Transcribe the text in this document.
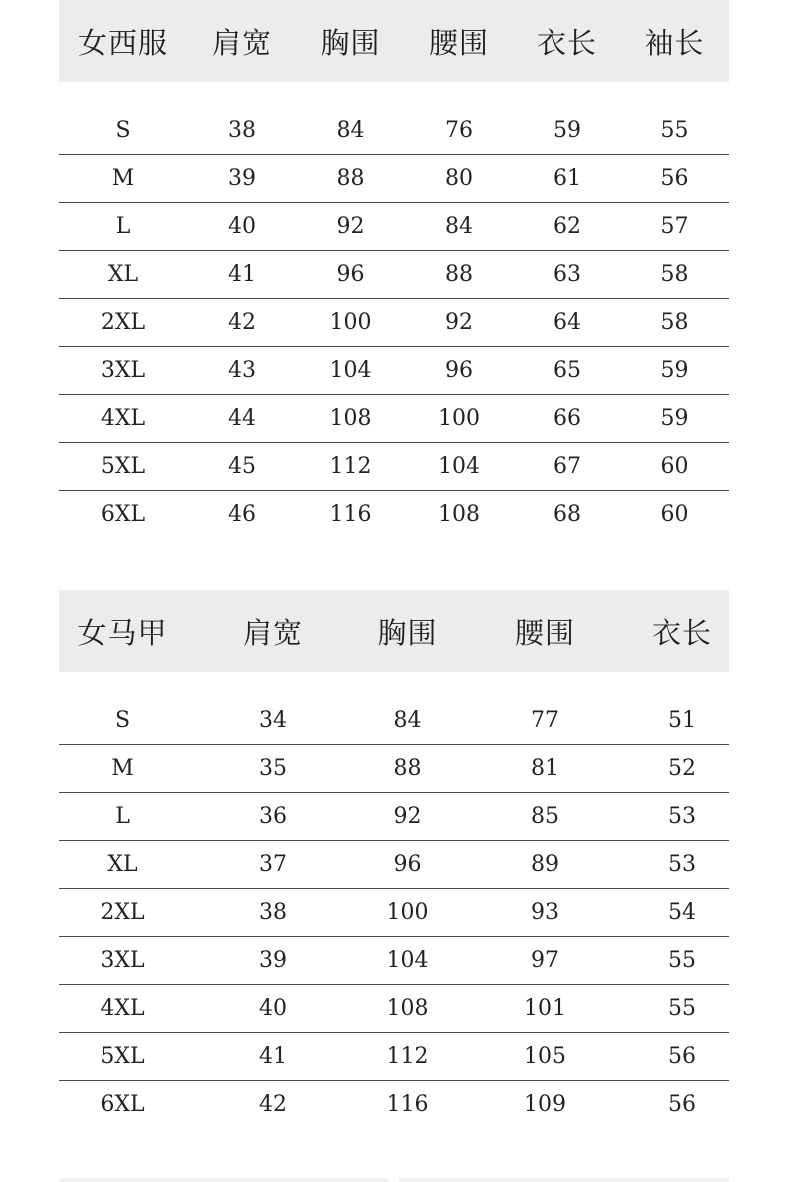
女西服	肩宽	胸围	腰围	衣长	袖长
S	38	84	76	59	55
M	39	88	80	61	56
L	40	92	84	62	57
XL	41	96	88	63	58
2XL	42	100	92	64	58
3XL	43	104	96	65	59
4XL	44	108	100	66	59
5XL	45	112	104	67	60
6XL	46	116	108	68	60
女马甲	肩宽	胸围	腰围	衣长
S	34	84	77	51
M	35	88	81	52
L	36	92	85	53
XL	37	96	89	53
2XL	38	100	93	54
3XL	39	104	97	55
4XL	40	108	101	55
5XL	41	112	105	56
6XL	42	116	109	56
